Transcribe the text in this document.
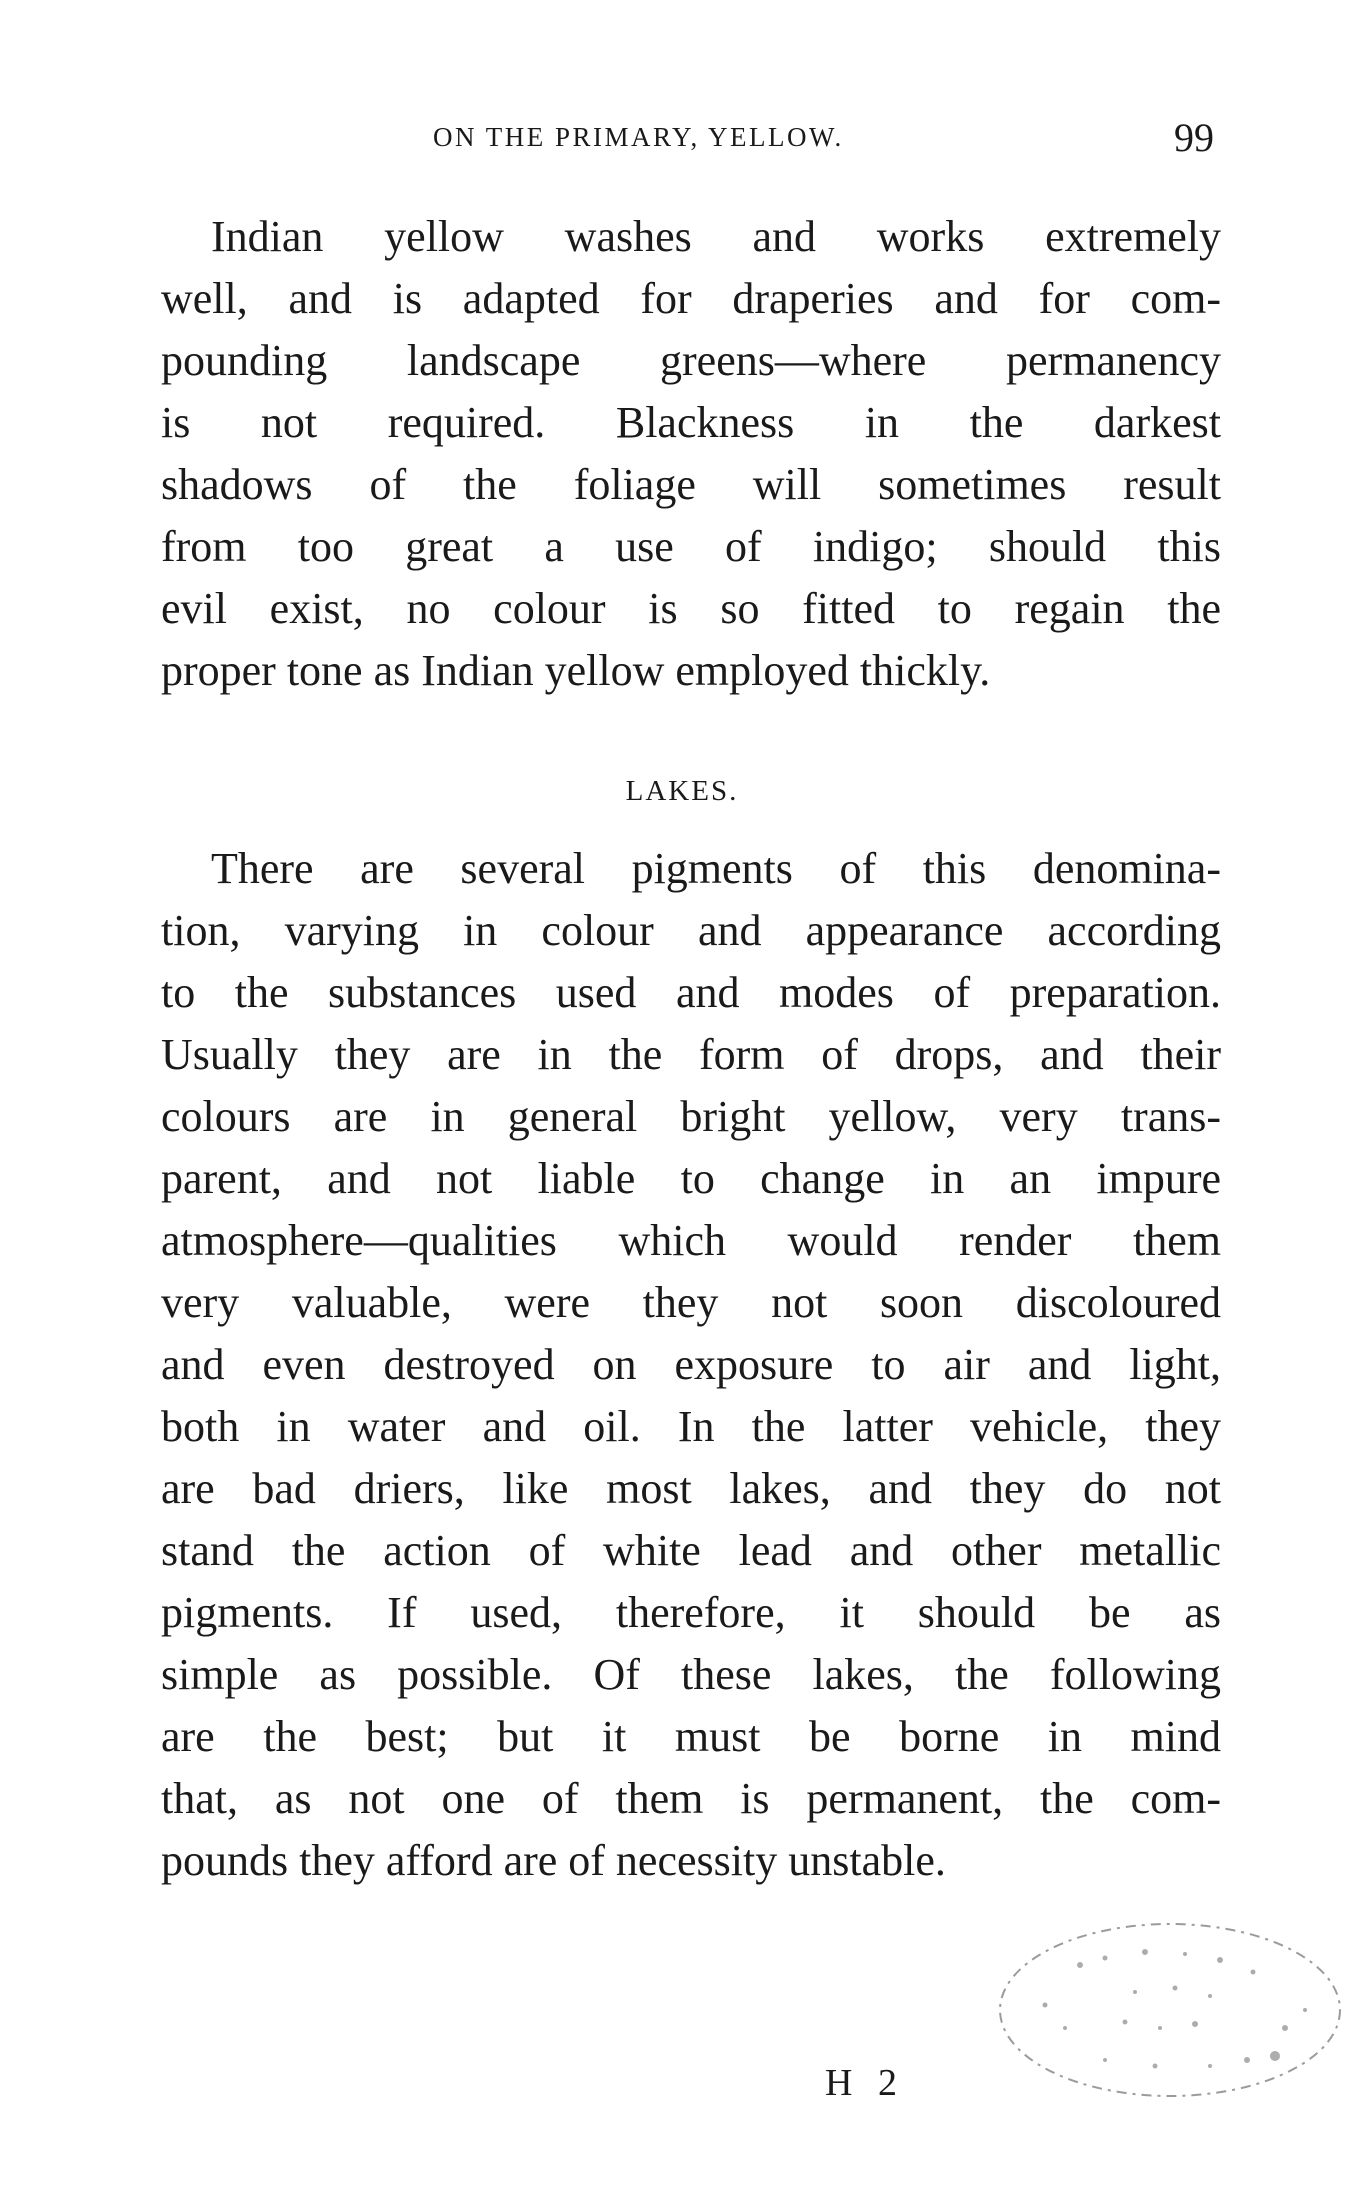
ON THE PRIMARY, YELLOW.	99
Indian yellow washes and works extremely
well, and is adapted for draperies and for com-
pounding landscape greens—where permanency
is not required. Blackness in the darkest
shadows of the foliage will sometimes result
from too great a use of indigo; should this
evil exist, no colour is so fitted to regain the
proper tone as Indian yellow employed thickly.
LAKES.
There are several pigments of this denomina-
tion, varying in colour and appearance according
to the substances used and modes of preparation.
Usually they are in the form of drops, and their
colours are in general bright yellow, very trans-
parent, and not liable to change in an impure
atmosphere—qualities which would render them
very valuable, were they not soon discoloured
and even destroyed on exposure to air and light,
both in water and oil. In the latter vehicle, they
are bad driers, like most lakes, and they do not
stand the action of white lead and other metallic
pigments. If used, therefore, it should be as
simple as possible. Of these lakes, the following
are the best; but it must be borne in mind
that, as not one of them is permanent, the com-
pounds they afford are of necessity unstable.
H 2
